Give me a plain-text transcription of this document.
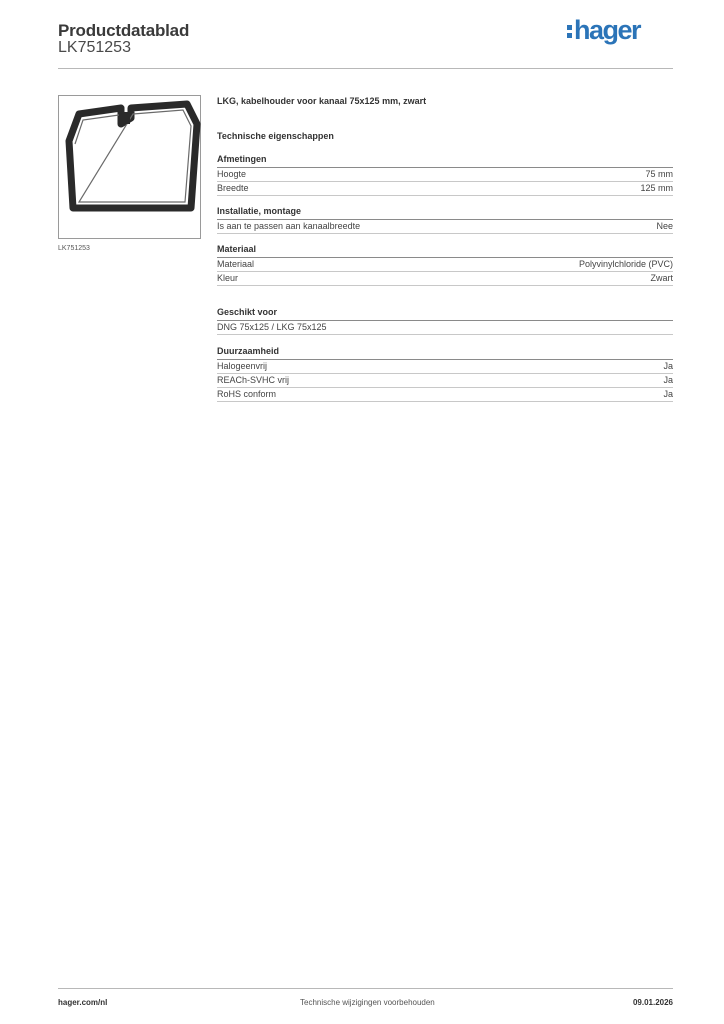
Productdatablad
LK751253
hager
LK751253
LKG, kabelhouder voor kanaal 75x125 mm, zwart
Technische eigenschappen
Afmetingen
Hoogte	75 mm
Breedte	125 mm
Installatie, montage
Is aan te passen aan kanaalbreedte	Nee
Materiaal
Materiaal	Polyvinylchloride (PVC)
Kleur	Zwart
Geschikt voor
DNG 75x125 / LKG 75x125
Duurzaamheid
Halogeenvrij	Ja
REACh-SVHC vrij	Ja
RoHS conform	Ja
hager.com/nl	Technische wijzigingen voorbehouden	09.01.2026
